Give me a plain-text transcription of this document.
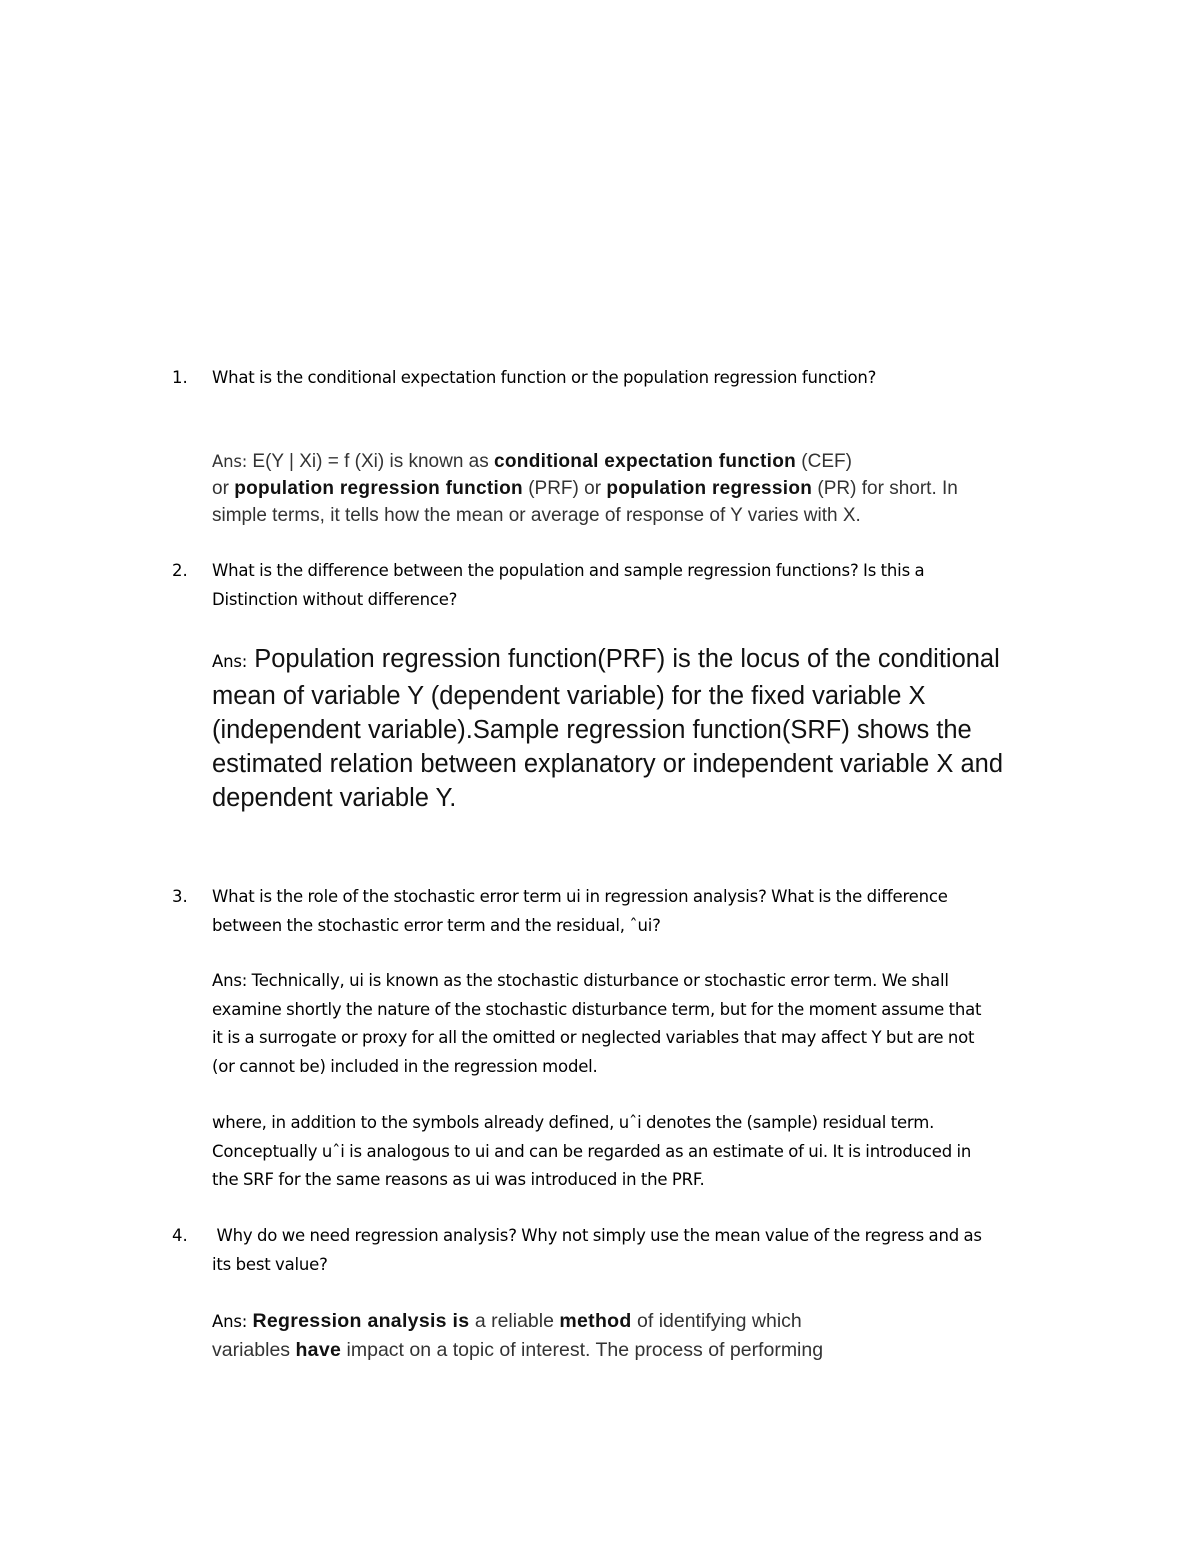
1. What is the conditional expectation function or the population regression function?
Ans: E(Y | Xi) = f (Xi) is known as conditional expectation function (CEF)
or population regression function (PRF) or population regression (PR) for short. In
simple terms, it tells how the mean or average of response of Y varies with X.
2. What is the difference between the population and sample regression functions? Is this a
Distinction without difference?
Ans: Population regression function(PRF) is the locus of the conditional
mean of variable Y (dependent variable) for the fixed variable X
(independent variable).Sample regression function(SRF) shows the
estimated relation between explanatory or independent variable X and
dependent variable Y.
3. What is the role of the stochastic error term ui in regression analysis? What is the difference
between the stochastic error term and the residual, ˆui?
Ans: Technically, ui is known as the stochastic disturbance or stochastic error term. We shall
examine shortly the nature of the stochastic disturbance term, but for the moment assume that
it is a surrogate or proxy for all the omitted or neglected variables that may affect Y but are not
(or cannot be) included in the regression model.
where, in addition to the symbols already defined, uˆi denotes the (sample) residual term.
Conceptually uˆi is analogous to ui and can be regarded as an estimate of ui. It is introduced in
the SRF for the same reasons as ui was introduced in the PRF.
4. Why do we need regression analysis? Why not simply use the mean value of the regress and as
its best value?
Ans: Regression analysis is a reliable method of identifying which
variables have impact on a topic of interest. The process of performing
